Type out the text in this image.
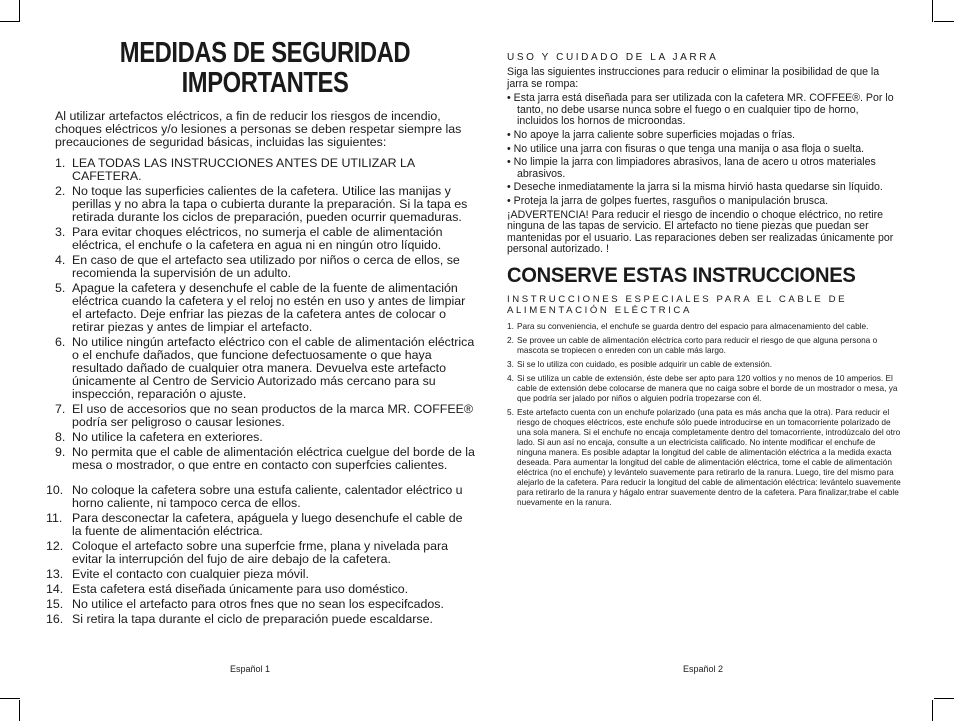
MEDIDAS DE SEGURIDAD
IMPORTANTES

Al utilizar artefactos eléctricos, a fin de reducir los riesgos de incendio, choques eléctricos y/o lesiones a personas se deben respetar siempre las precauciones de seguridad básicas, incluidas las siguientes:

1. LEA TODAS LAS INSTRUCCIONES ANTES DE UTILIZAR LA CAFETERA.
2. No toque las superficies calientes de la cafetera. Utilice las manijas y perillas y no abra la tapa o cubierta durante la preparación. Si la tapa es retirada durante los ciclos de preparación, pueden ocurrir quemaduras.
3. Para evitar choques eléctricos, no sumerja el cable de alimentación eléctrica, el enchufe o la cafetera en agua ni en ningún otro líquido.
4. En caso de que el artefacto sea utilizado por niños o cerca de ellos, se recomienda la supervisión de un adulto.
5. Apague la cafetera y desenchufe el cable de la fuente de alimentación eléctrica cuando la cafetera y el reloj no estén en uso y antes de limpiar el artefacto. Deje enfriar las piezas de la cafetera antes de colocar o retirar piezas y antes de limpiar el artefacto.
6. No utilice ningún artefacto eléctrico con el cable de alimentación eléctrica o el enchufe dañados, que funcione defectuosamente o que haya resultado dañado de cualquier otra manera. Devuelva este artefacto únicamente al Centro de Servicio Autorizado más cercano para su inspección, reparación o ajuste.
7. El uso de accesorios que no sean productos de la marca MR. COFFEE® podría ser peligroso o causar lesiones.
8. No utilice la cafetera en exteriores.
9. No permita que el cable de alimentación eléctrica cuelgue del borde de la mesa o mostrador, o que entre en contacto con superfcies calientes.
10. No coloque la cafetera sobre una estufa caliente, calentador eléctrico u horno caliente, ni tampoco cerca de ellos.
11. Para desconectar la cafetera, apáguela y luego desenchufe el cable de la fuente de alimentación eléctrica.
12. Coloque el artefacto sobre una superfcie frme, plana y nivelada para evitar la interrupción del fujo de aire debajo de la cafetera.
13. Evite el contacto con cualquier pieza móvil.
14. Esta cafetera está diseñada únicamente para uso doméstico.
15. No utilice el artefacto para otros fnes que no sean los especifcados.
16. Si retira la tapa durante el ciclo de preparación puede escaldarse.
Español 1

USO Y CUIDADO DE LA JARRA

Siga las siguientes instrucciones para reducir o eliminar la posibilidad de que la jarra se rompa:

• Esta jarra está diseñada para ser utilizada con la cafetera MR. COFFEE®. Por lo tanto, no debe usarse nunca sobre el fuego o en cualquier tipo de horno, incluidos los hornos de microondas.
• No apoye la jarra caliente sobre superficies mojadas o frías.
• No utilice una jarra con fisuras o que tenga una manija o asa floja o suelta.
• No limpie la jarra con limpiadores abrasivos, lana de acero u otros materiales abrasivos.
• Deseche inmediatamente la jarra si la misma hirvió hasta quedarse sin líquido.
• Proteja la jarra de golpes fuertes, rasguños o manipulación brusca.

¡ADVERTENCIA! Para reducir el riesgo de incendio o choque eléctrico, no retire ninguna de las tapas de servicio. El artefacto no tiene piezas que puedan ser mantenidas por el usuario. Las reparaciones deben ser realizadas únicamente por personal autorizado. !

CONSERVE ESTAS INSTRUCCIONES

INSTRUCCIONES ESPECIALES PARA EL CABLE DE ALIMENTACIÓN ELÉCTRICA

1. Para su conveniencia, el enchufe se guarda dentro del espacio para almacenamiento del cable.
2. Se provee un cable de alimentación eléctrica corto para reducir el riesgo de que alguna persona o mascota se tropiecen o enreden con un cable más largo.
3. Si se lo utiliza con cuidado, es posible adquirir un cable de extensión.
4. Si se utiliza un cable de extensión, éste debe ser apto para 120 voltios y no menos de 10 amperios. El cable de extensión debe colocarse de manera que no caiga sobre el borde de un mostrador o mesa, ya que podría ser jalado por niños o alguien podría tropezarse con él.
5. Este artefacto cuenta con un enchufe polarizado (una pata es más ancha que la otra). Para reducir el riesgo de choques eléctricos, este enchufe sólo puede introducirse en un tomacorriente polarizado de una sola manera. Si el enchufe no encaja completamente dentro del tomacorriente, introdúzcalo del otro lado. Si aun así no encaja, consulte a un electricista calificado. No intente modificar el enchufe de ninguna manera. Es posible adaptar la longitud del cable de alimentación eléctrica a la medida exacta deseada. Para aumentar la longitud del cable de alimentación eléctrica, tome el cable de alimentación eléctrica (no el enchufe) y levántelo suavemente para retirarlo de la ranura. Luego, tire del mismo para alejarlo de la cafetera. Para reducir la longitud del cable de alimentación eléctrica: levántelo suavemente para retirarlo de la ranura y hágalo entrar suavemente dentro de la cafetera. Para finalizar,trabe el cable nuevamente en la ranura.
Español 2
